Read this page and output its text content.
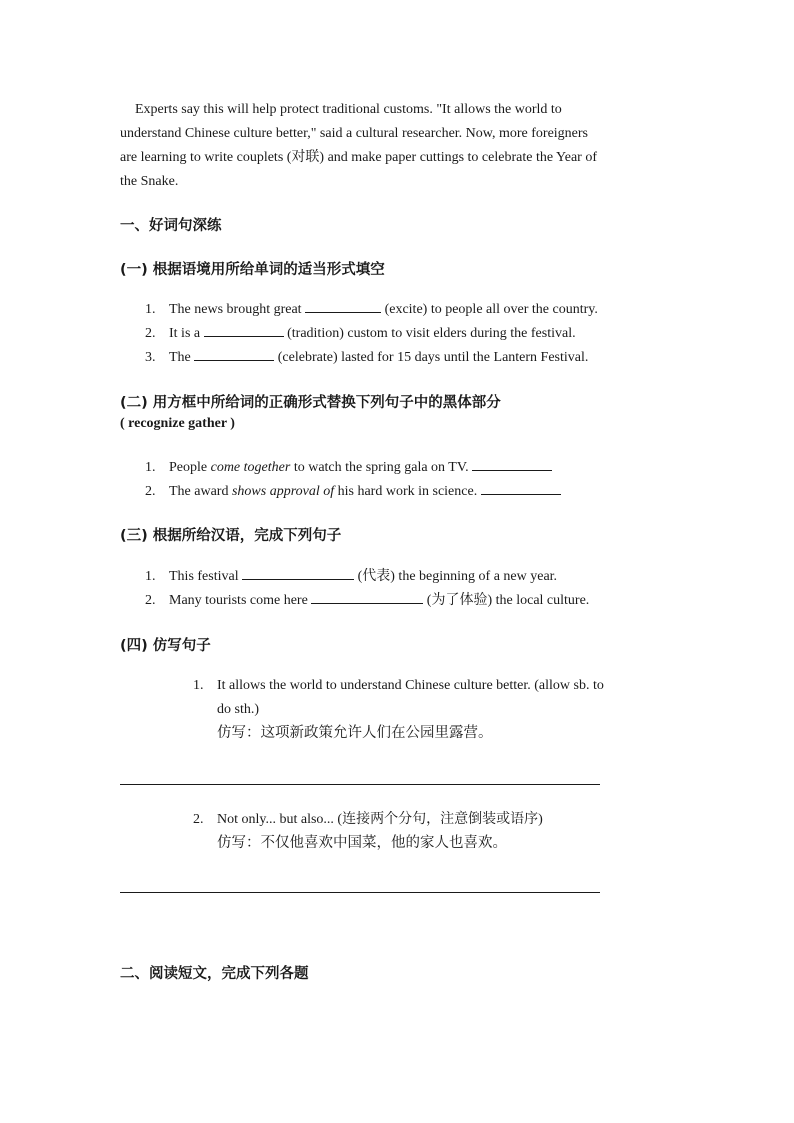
Experts say this will help protect traditional customs. "It allows the world to
understand Chinese culture better," said a cultural researcher. Now, more foreigners
are learning to write couplets (对联) and make paper cuttings to celebrate the Year of
the Snake.
一、好词句深练
(一) 根据语境用所给单词的适当形式填空
1. The news brought great	(excite) to people all over the country.
2. It is a	(tradition) custom to visit elders during the festival.
3. The	(celebrate) lasted for 15 days until the Lantern Festival.
(二) 用方框中所给词的正确形式替换下列句子中的黑体部分
( recognize gather )
1. People come together to watch the spring gala on TV.
2. The award shows approval of his hard work in science.
(三) 根据所给汉语，完成下列句子
1. This festival	(代表) the beginning of a new year.
2. Many tourists come here	(为了体验) the local culture.
(四) 仿写句子
1. It allows the world to understand Chinese culture better. (allow sb. to
do sth.)
仿写：这项新政策允许人们在公园里露营。
2. Not only... but also... (连接两个分句，注意倒装或语序)
仿写：不仅他喜欢中国菜，他的家人也喜欢。
二、阅读短文，完成下列各题
